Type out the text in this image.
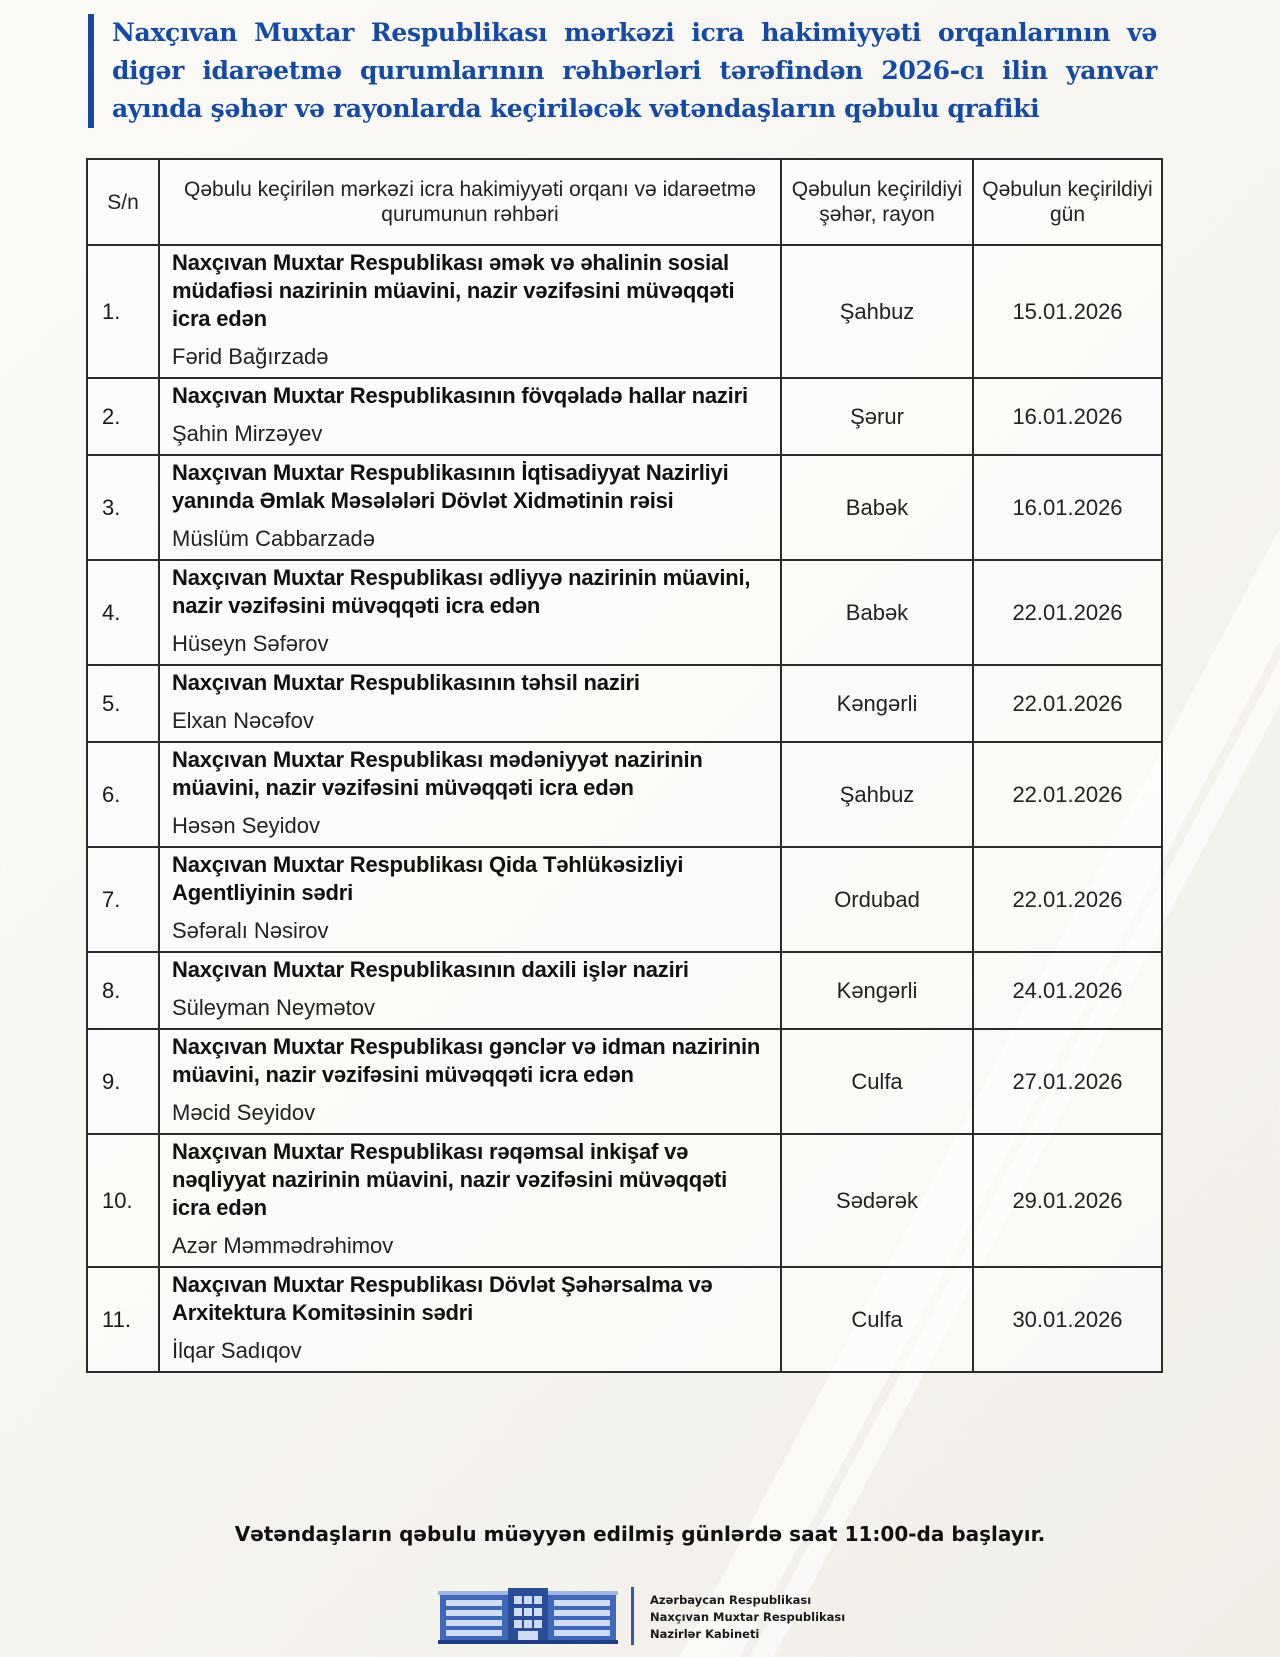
Naxçıvan Muxtar Respublikası mərkəzi icra hakimiyyəti orqanlarının və digər idarəetmə qurumlarının rəhbərləri tərəfindən 2026-cı ilin yanvar ayında şəhər və rayonlarda keçiriləcək vətəndaşların qəbulu qrafiki
S/n	Qəbulu keçirilən mərkəzi icra hakimiyyəti orqanı və idarəetmə qurumunun rəhbəri	Qəbulun keçirildiyi şəhər, rayon	Qəbulun keçirildiyi gün
1.	Naxçıvan Muxtar Respublikası əmək və əhalinin sosial müdafiəsi nazirinin müavini, nazir vəzifəsini müvəqqəti icra edən
Fərid Bağırzadə	Şahbuz	15.01.2026
2.	Naxçıvan Muxtar Respublikasının fövqəladə hallar naziri
Şahin Mirzəyev	Şərur	16.01.2026
3.	Naxçıvan Muxtar Respublikasının İqtisadiyyat Nazirliyi yanında Əmlak Məsələləri Dövlət Xidmətinin rəisi
Müslüm Cabbarzadə	Babək	16.01.2026
4.	Naxçıvan Muxtar Respublikası ədliyyə nazirinin müavini, nazir vəzifəsini müvəqqəti icra edən
Hüseyn Səfərov	Babək	22.01.2026
5.	Naxçıvan Muxtar Respublikasının təhsil naziri
Elxan Nəcəfov	Kəngərli	22.01.2026
6.	Naxçıvan Muxtar Respublikası mədəniyyət nazirinin müavini, nazir vəzifəsini müvəqqəti icra edən
Həsən Seyidov	Şahbuz	22.01.2026
7.	Naxçıvan Muxtar Respublikası Qida Təhlükəsizliyi Agentliyinin sədri
Səfəralı Nəsirov	Ordubad	22.01.2026
8.	Naxçıvan Muxtar Respublikasının daxili işlər naziri
Süleyman Neymətov	Kəngərli	24.01.2026
9.	Naxçıvan Muxtar Respublikası gənclər və idman nazirinin müavini, nazir vəzifəsini müvəqqəti icra edən
Məcid Seyidov	Culfa	27.01.2026
10.	Naxçıvan Muxtar Respublikası rəqəmsal inkişaf və nəqliyyat nazirinin müavini, nazir vəzifəsini müvəqqəti icra edən
Azər Məmmədrəhimov	Sədərək	29.01.2026
11.	Naxçıvan Muxtar Respublikası Dövlət Şəhərsalma və Arxitektura Komitəsinin sədri
İlqar Sadıqov	Culfa	30.01.2026
Vətəndaşların qəbulu müəyyən edilmiş günlərdə saat 11:00-da başlayır.
Azərbaycan Respublikası
Naxçıvan Muxtar Respublikası
Nazirlər Kabineti
